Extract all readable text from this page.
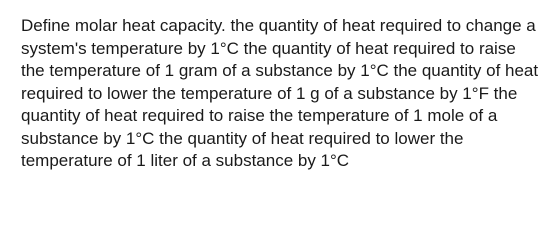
Define molar heat capacity. the quantity of heat required to change a system's temperature by 1°C the quantity of heat required to raise the temperature of 1 gram of a substance by 1°C the quantity of heat required to lower the temperature of 1 g of a substance by 1°F the quantity of heat required to raise the temperature of 1 mole of a substance by 1°C the quantity of heat required to lower the temperature of 1 liter of a substance by 1°C
